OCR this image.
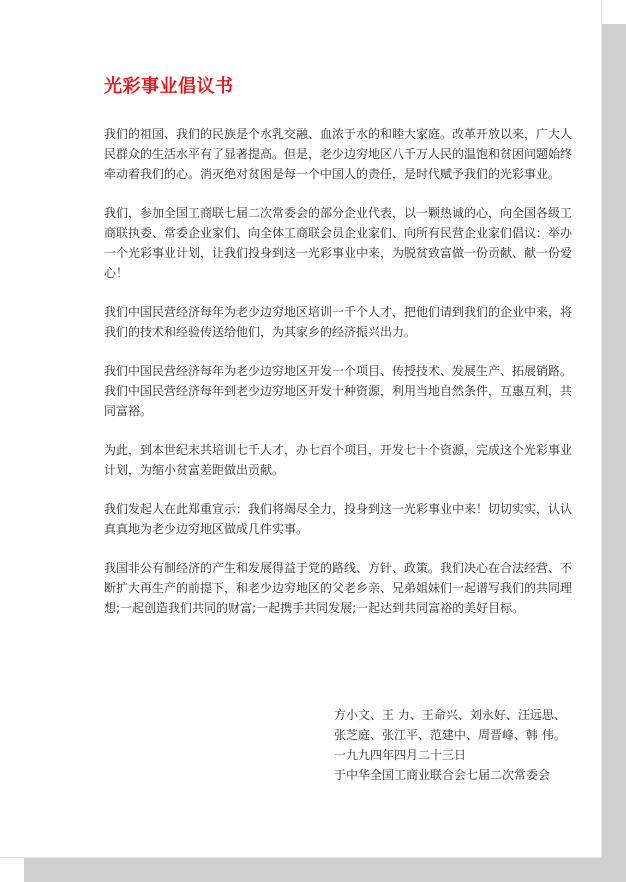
光彩事业倡议书

我们的祖国、我们的民族是个水乳交融、血浓于水的和睦大家庭。改革开放以来，广大人民群众的生活水平有了显著提高。但是，老少边穷地区八千万人民的温饱和贫困问题始终牵动着我们的心。消灭绝对贫困是每一个中国人的责任，是时代赋予我们的光彩事业。

我们，参加全国工商联七届二次常委会的部分企业代表，以一颗热诚的心，向全国各级工商联执委、常委企业家们、向全体工商联会员企业家们、向所有民营企业家们倡议：举办一个光彩事业计划，让我们投身到这一光彩事业中来，为脱贫致富做一份贡献、献一份爱心！

我们中国民营经济每年为老少边穷地区培训一千个人才，把他们请到我们的企业中来，将我们的技术和经验传送给他们，为其家乡的经济振兴出力。

我们中国民营经济每年为老少边穷地区开发一个项目、传授技术、发展生产、拓展销路。我们中国民营经济每年到老少边穷地区开发十种资源，利用当地自然条件，互惠互利，共同富裕。

为此，到本世纪末共培训七千人才，办七百个项目，开发七十个资源，完成这个光彩事业计划，为缩小贫富差距做出贡献。

我们发起人在此郑重宣示：我们将竭尽全力，投身到这一光彩事业中来！切切实实，认认真真地为老少边穷地区做成几件实事。

我国非公有制经济的产生和发展得益于党的路线、方针、政策。我们决心在合法经营、不断扩大再生产的前提下，和老少边穷地区的父老乡亲、兄弟姐妹们一起谱写我们的共同理想;一起创造我们共同的财富;一起携手共同发展;一起达到共同富裕的美好目标。

方小文、王 力、王命兴、刘永好、汪远思、
张芝庭、张江平、范建中、周晋峰、韩 伟。
一九九四年四月二十三日
于中华全国工商业联合会七届二次常委会
